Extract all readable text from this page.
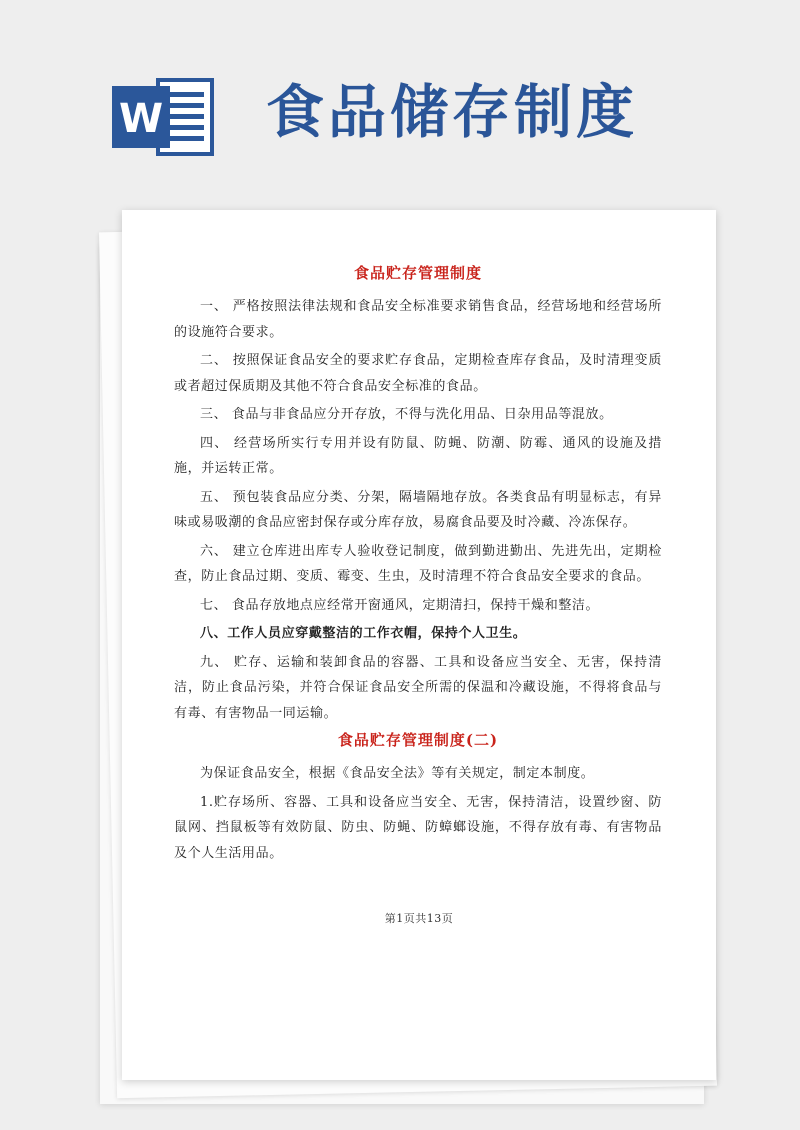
W 食品储存制度
食品贮存管理制度

一、 严格按照法律法规和食品安全标准要求销售食品，经营场地和经营场所的设施符合要求。

二、 按照保证食品安全的要求贮存食品，定期检查库存食品，及时清理变质或者超过保质期及其他不符合食品安全标准的食品。

三、 食品与非食品应分开存放，不得与洗化用品、日杂用品等混放。

四、 经营场所实行专用并设有防鼠、防蝇、防潮、防霉、通风的设施及措施，并运转正常。

五、 预包装食品应分类、分架，隔墙隔地存放。各类食品有明显标志，有异味或易吸潮的食品应密封保存或分库存放，易腐食品要及时冷藏、冷冻保存。

六、 建立仓库进出库专人验收登记制度，做到勤进勤出、先进先出，定期检查，防止食品过期、变质、霉变、生虫，及时清理不符合食品安全要求的食品。

七、 食品存放地点应经常开窗通风，定期清扫，保持干燥和整洁。

八、工作人员应穿戴整洁的工作衣帽，保持个人卫生。

九、 贮存、运输和装卸食品的容器、工具和设备应当安全、无害，保持清洁，防止食品污染，并符合保证食品安全所需的保温和冷藏设施，不得将食品与有毒、有害物品一同运输。

食品贮存管理制度(二)

为保证食品安全，根据《食品安全法》等有关规定，制定本制度。

1.贮存场所、容器、工具和设备应当安全、无害，保持清洁，设置纱窗、防鼠网、挡鼠板等有效防鼠、防虫、防蝇、防蟑螂设施，不得存放有毒、有害物品及个人生活用品。

第1页共13页
